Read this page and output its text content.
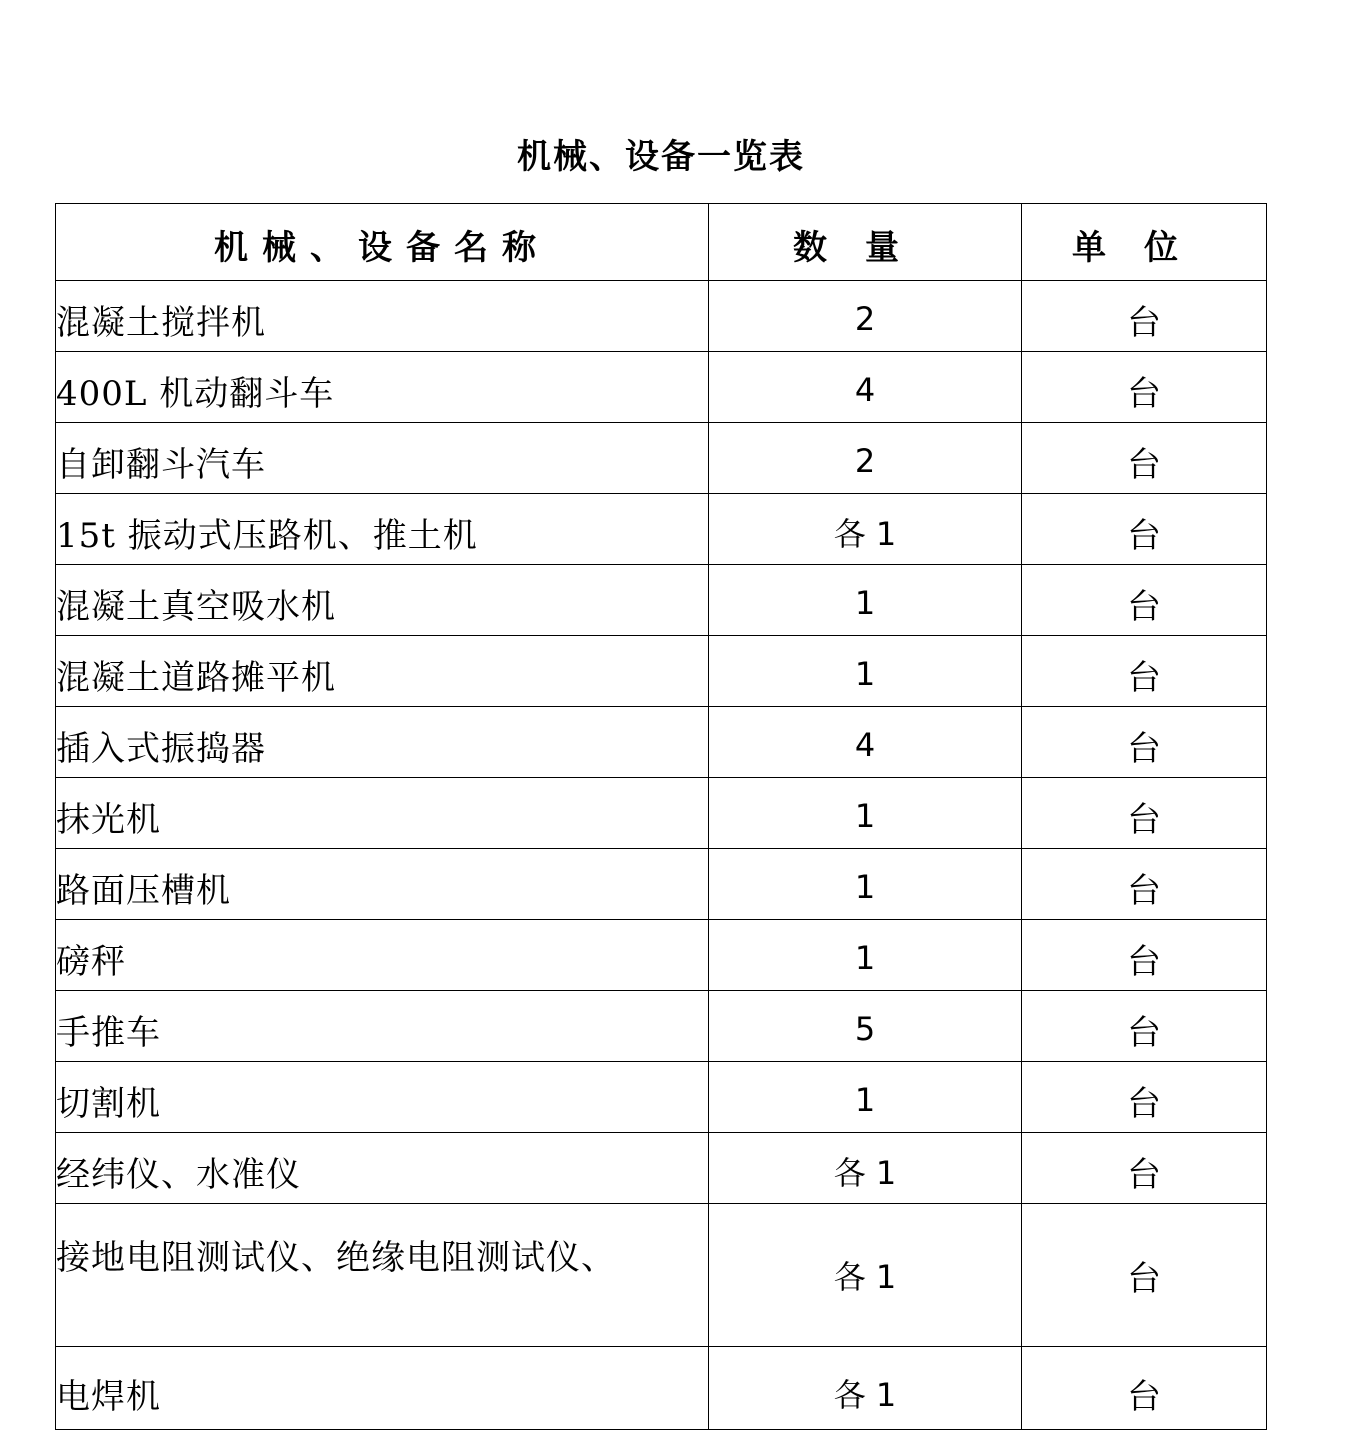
机械、设备一览表
机械、设备名称	数量	单位
混凝土搅拌机	2	台
400L 机动翻斗车	4	台
自卸翻斗汽车	2	台
15t 振动式压路机、推土机	各 1	台
混凝土真空吸水机	1	台
混凝土道路摊平机	1	台
插入式振捣器	4	台
抹光机	1	台
路面压槽机	1	台
磅秤	1	台
手推车	5	台
切割机	1	台
经纬仪、水准仪	各 1	台
接地电阻测试仪、绝缘电阻测试仪、	各 1	台
电焊机	各 1	台
